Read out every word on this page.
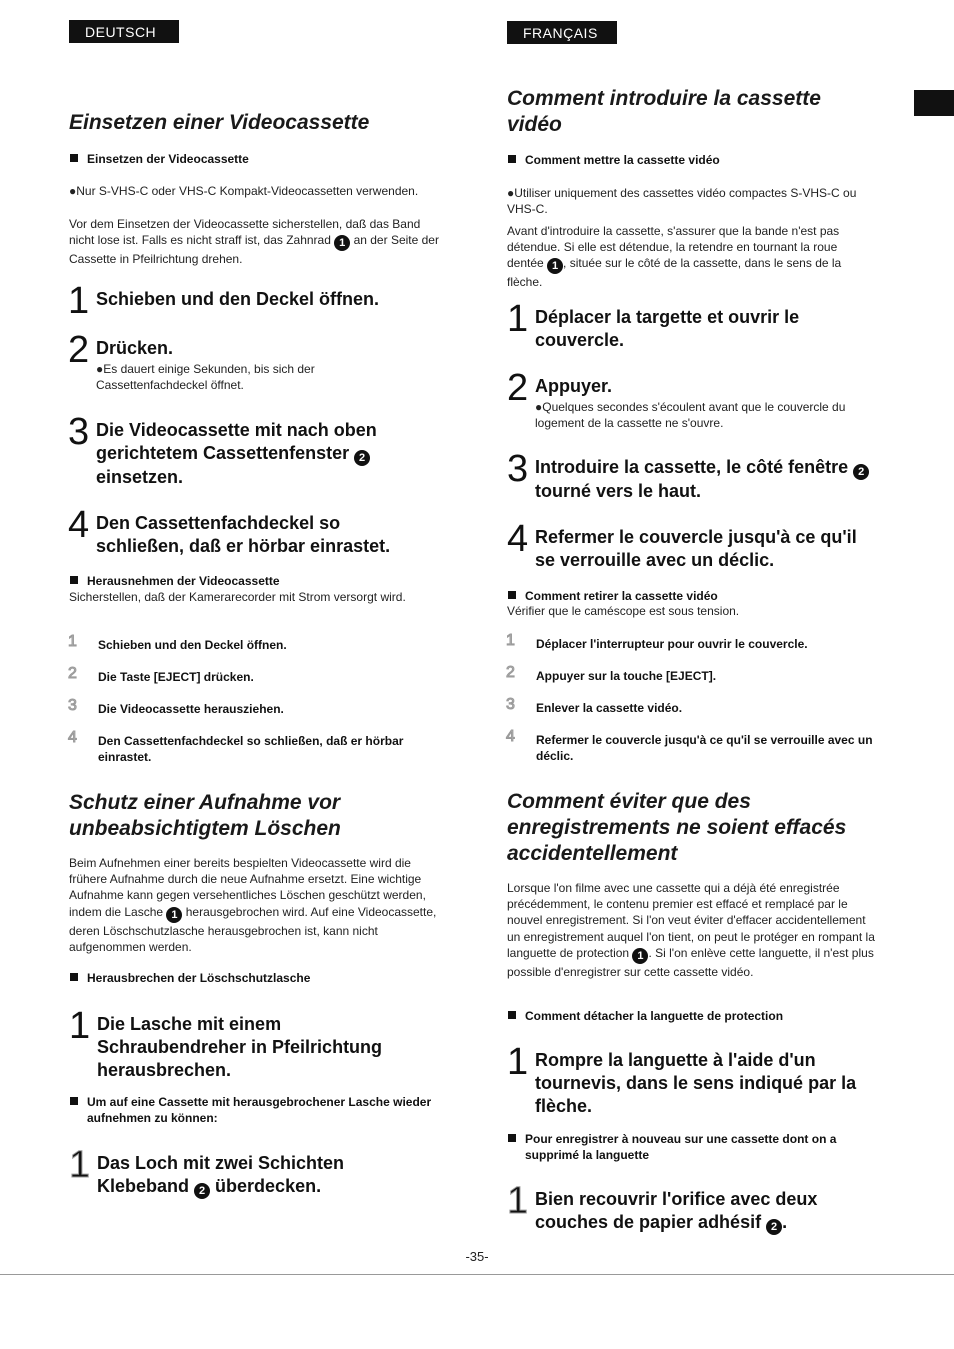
DEUTSCH
Einsetzen einer Videocassette
Einsetzen der Videocassette
●Nur S-VHS-C oder VHS-C Kompakt-Videocassetten verwenden.
Vor dem Einsetzen der Videocassette sicherstellen, daß das Band nicht lose ist. Falls es nicht straff ist, das Zahnrad 1 an der Seite der Cassette in Pfeilrichtung drehen.
1 Schieben und den Deckel öffnen.
2 Drücken.
●Es dauert einige Sekunden, bis sich der Cassettenfachdeckel öffnet.
3 Die Videocassette mit nach oben gerichtetem Cassettenfenster 2 einsetzen.
4 Den Cassettenfachdeckel so schließen, daß er hörbar einrastet.
Herausnehmen der Videocassette
Sicherstellen, daß der Kamerarecorder mit Strom versorgt wird.
1 Schieben und den Deckel öffnen.
2 Die Taste [EJECT] drücken.
3 Die Videocassette herausziehen.
4 Den Cassettenfachdeckel so schließen, daß er hörbar einrastet.
Schutz einer Aufnahme vor unbeabsichtigtem Löschen
Beim Aufnehmen einer bereits bespielten Videocassette wird die frühere Aufnahme durch die neue Aufnahme ersetzt. Eine wichtige Aufnahme kann gegen versehentliches Löschen geschützt werden, indem die Lasche 1 herausgebrochen wird. Auf eine Videocassette, deren Löschschutzlasche herausgebrochen ist, kann nicht aufgenommen werden.
Herausbrechen der Löschschutzlasche
1 Die Lasche mit einem Schraubendreher in Pfeilrichtung herausbrechen.
Um auf eine Cassette mit herausgebrochener Lasche wieder aufnehmen zu können:
1 Das Loch mit zwei Schichten Klebeband 2 überdecken.
FRANÇAIS
Comment introduire la cassette vidéo
Comment mettre la cassette vidéo
●Utiliser uniquement des cassettes vidéo compactes S-VHS-C ou VHS-C.
Avant d'introduire la cassette, s'assurer que la bande n'est pas détendue. Si elle est détendue, la retendre en tournant la roue dentée 1 , située sur le côté de la cassette, dans le sens de la flèche.
1 Déplacer la targette et ouvrir le couvercle.
2 Appuyer.
●Quelques secondes s'écoulent avant que le couvercle du logement de la cassette ne s'ouvre.
3 Introduire la cassette, le côté fenêtre 2 tourné vers le haut.
4 Refermer le couvercle jusqu'à ce qu'il se verrouille avec un déclic.
Comment retirer la cassette vidéo
Vérifier que le caméscope est sous tension.
1 Déplacer l'interrupteur pour ouvrir le couvercle.
2 Appuyer sur la touche [EJECT].
3 Enlever la cassette vidéo.
4 Refermer le couvercle jusqu'à ce qu'il se verrouille avec un déclic.
Comment éviter que des enregistrements ne soient effacés accidentellement
Lorsque l'on filme avec une cassette qui a déjà été enregistrée précédemment, le contenu premier est effacé et remplacé par le nouvel enregistrement. Si l'on veut éviter d'effacer accidentellement un enregistrement auquel l'on tient, on peut le protéger en rompant la languette de protection 1 . Si l'on enlève cette languette, il n'est plus possible d'enregistrer sur cette cassette vidéo.
Comment détacher la languette de protection
1 Rompre la languette à l'aide d'un tournevis, dans le sens indiqué par la flèche.
Pour enregistrer à nouveau sur une cassette dont on a supprimé la languette
1 Bien recouvrir l'orifice avec deux couches de papier adhésif 2 .
-35-
